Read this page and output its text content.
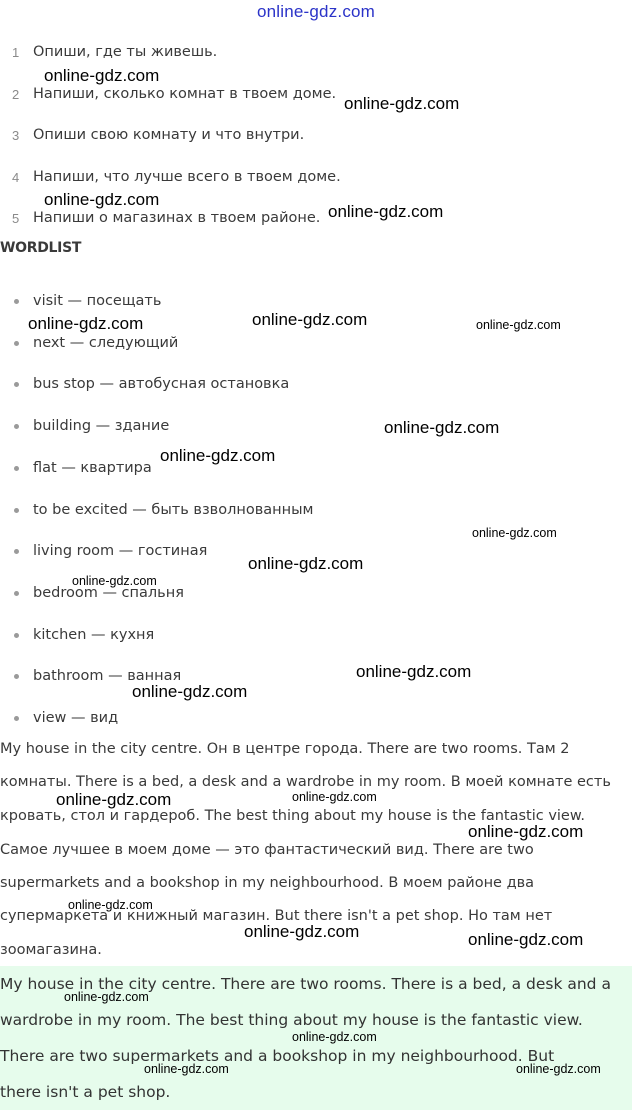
online-gdz.com
1 Опиши, где ты живешь.
2 Напиши, сколько комнат в твоем доме.
3 Опиши свою комнату и что внутри.
4 Напиши, что лучше всего в твоем доме.
5 Напиши о магазинах в твоем районе.
WORDLIST
visit — посещать
next — следующий
bus stop — автобусная остановка
building — здание
flat — квартира
to be excited — быть взволнованным
living room — гостиная
bedroom — спальня
kitchen — кухня
bathroom — ванная
view — вид
My house in the city centre. Он в центре города. There are two rooms. Там 2
комнаты. There is a bed, a desk and a wardrobe in my room. В моей комнате есть
кровать, стол и гардероб. The best thing about my house is the fantastic view.
Самое лучшее в моем доме — это фантастический вид. There are two
supermarkets and a bookshop in my neighbourhood. В моем районе два
супермаркета и книжный магазин. But there isn't a pet shop. Но там нет
зоомагазина.
My house in the city centre. There are two rooms. There is a bed, a desk and a
wardrobe in my room. The best thing about my house is the fantastic view.
There are two supermarkets and a bookshop in my neighbourhood. But
there isn't a pet shop.
online-gdz.com
online-gdz.com
online-gdz.com
online-gdz.com
online-gdz.com	online-gdz.com	online-gdz.com
online-gdz.com
online-gdz.com
online-gdz.com
online-gdz.com
online-gdz.com
online-gdz.com
online-gdz.com
online-gdz.com	online-gdz.com
online-gdz.com
online-gdz.com
online-gdz.com	online-gdz.com
online-gdz.com
online-gdz.com
online-gdz.com	online-gdz.com
